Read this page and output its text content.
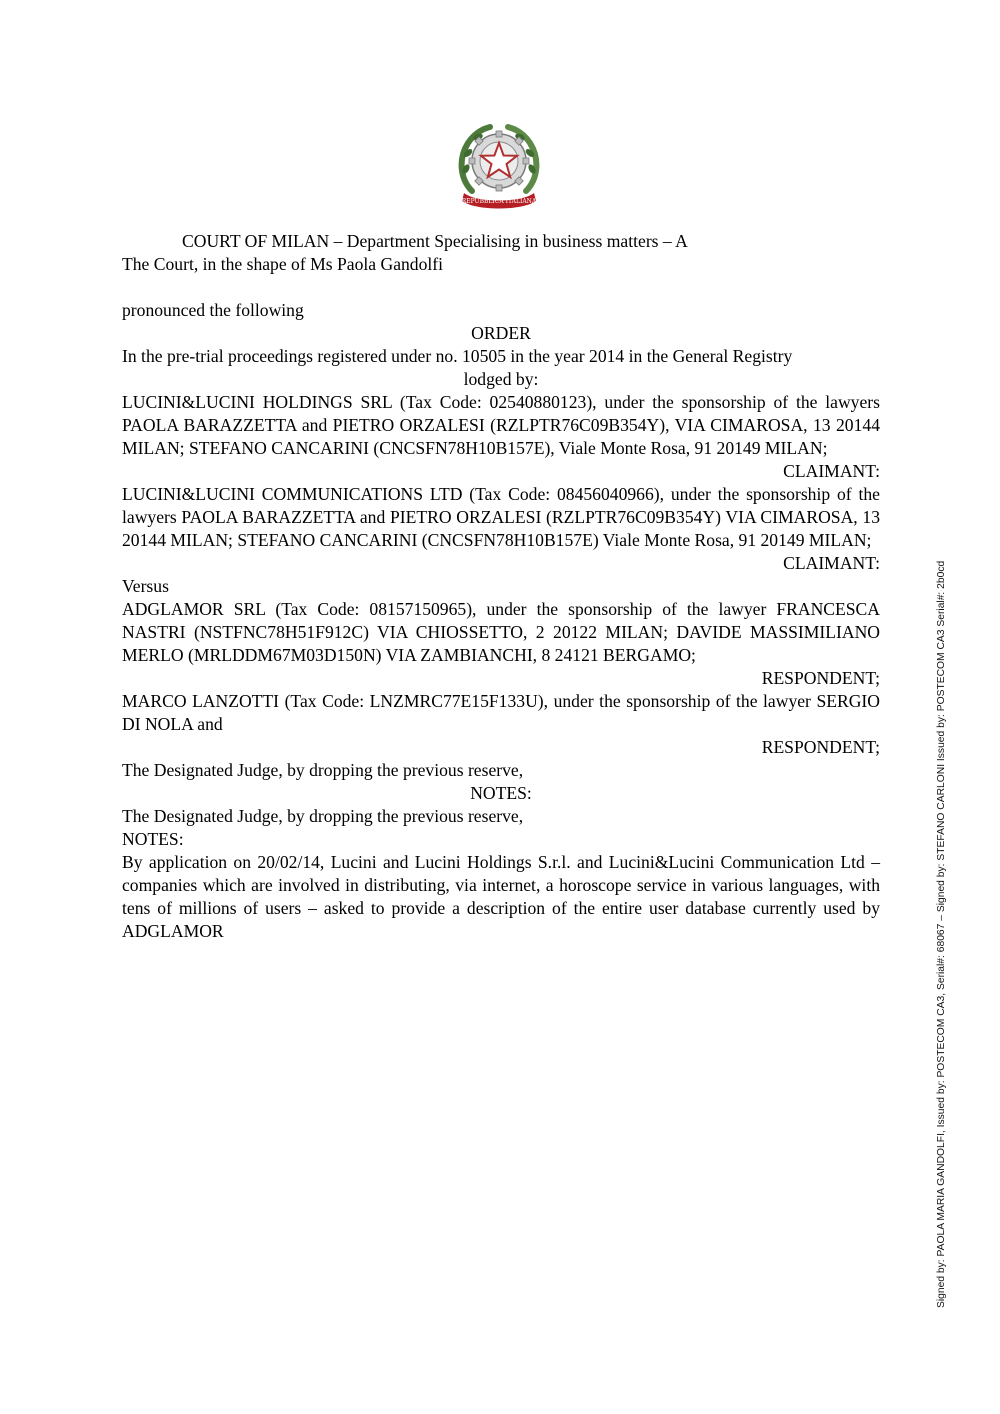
REPUBBLICA ITALIANA
COURT OF MILAN – Department Specialising in business matters – A
The Court, in the shape of Ms Paola Gandolfi
pronounced the following
ORDER
In the pre-trial proceedings registered under no. 10505 in the year 2014 in the General Registry
lodged by:
LUCINI&LUCINI HOLDINGS SRL (Tax Code: 02540880123), under the sponsorship of the lawyers PAOLA BARAZZETTA and PIETRO ORZALESI (RZLPTR76C09B354Y), VIA CIMAROSA, 13 20144 MILAN; STEFANO CANCARINI (CNCSFN78H10B157E), Viale Monte Rosa, 91 20149 MILAN;
CLAIMANT:
LUCINI&LUCINI COMMUNICATIONS LTD (Tax Code: 08456040966), under the sponsorship of the lawyers PAOLA BARAZZETTA and PIETRO ORZALESI (RZLPTR76C09B354Y) VIA CIMAROSA, 13 20144 MILAN; STEFANO CANCARINI (CNCSFN78H10B157E) Viale Monte Rosa, 91 20149 MILAN;
CLAIMANT:
Versus
ADGLAMOR SRL (Tax Code: 08157150965), under the sponsorship of the lawyer FRANCESCA NASTRI (NSTFNC78H51F912C) VIA CHIOSSETTO, 2 20122 MILAN; DAVIDE MASSIMILIANO MERLO (MRLDDM67M03D150N) VIA ZAMBIANCHI, 8 24121 BERGAMO;
RESPONDENT;
MARCO LANZOTTI (Tax Code: LNZMRC77E15F133U), under the sponsorship of the lawyer SERGIO DI NOLA and
RESPONDENT;
The Designated Judge, by dropping the previous reserve,
NOTES:
The Designated Judge, by dropping the previous reserve,
NOTES:
By application on 20/02/14, Lucini and Lucini Holdings S.r.l. and Lucini&Lucini Communication Ltd – companies which are involved in distributing, via internet, a horoscope service in various languages, with tens of millions of users – asked to provide a description of the entire user database currently used by ADGLAMOR	Signed by: PAOLA MARIA GANDOLFI, Issued by: POSTECOM CA3, Serial#: 68067 – Signed by: STEFANO CARLONI Issued by: POSTECOM CA3 Serial#: 2b0cd
